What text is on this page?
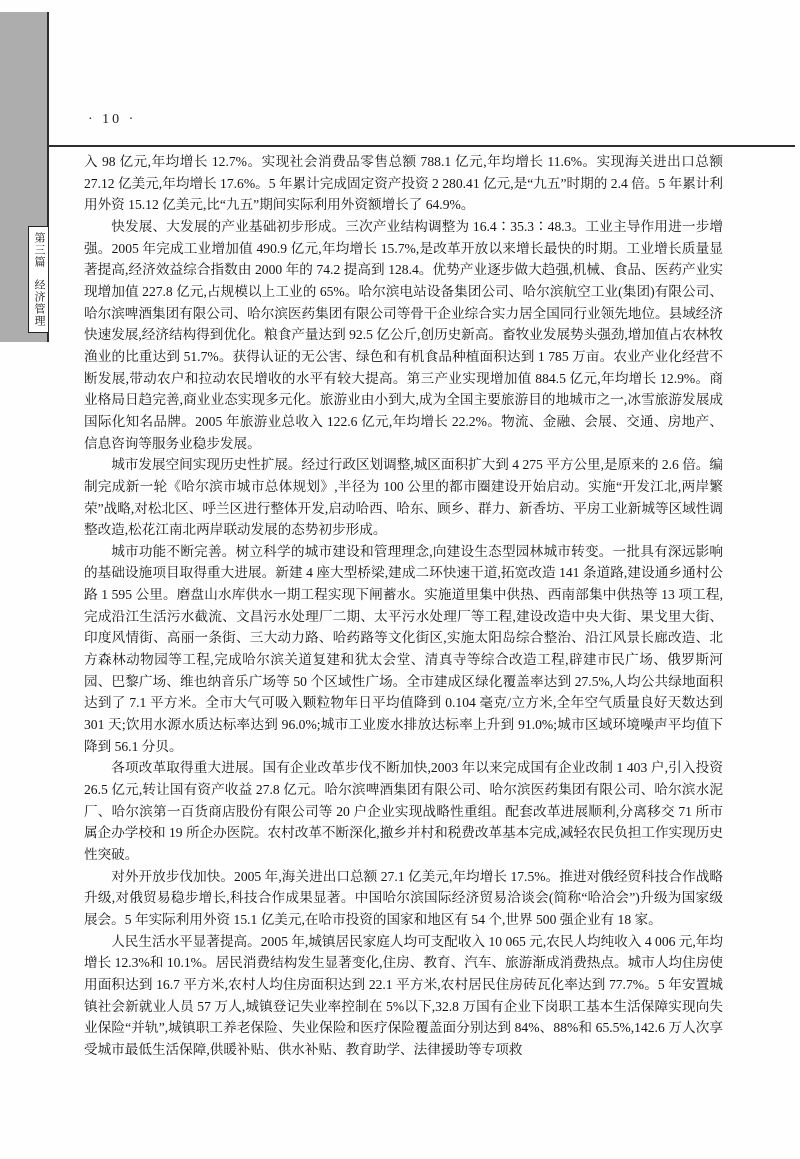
第三篇
经济管理
· 10 ·

入 98 亿元,年均增长 12.7%。实现社会消费品零售总额 788.1 亿元,年均增长 11.6%。实现海关进出口总额 27.12 亿美元,年均增长 17.6%。5 年累计完成固定资产投资 2 280.41 亿元,是“九五”时期的 2.4 倍。5 年累计利用外资 15.12 亿美元,比“九五”期间实际利用外资额增长了 64.9%。

快发展、大发展的产业基础初步形成。三次产业结构调整为 16.4∶35.3∶48.3。工业主导作用进一步增强。2005 年完成工业增加值 490.9 亿元,年均增长 15.7%,是改革开放以来增长最快的时期。工业增长质量显著提高,经济效益综合指数由 2000 年的 74.2 提高到 128.4。优势产业逐步做大趋强,机械、食品、医药产业实现增加值 227.8 亿元,占规模以上工业的 65%。哈尔滨电站设备集团公司、哈尔滨航空工业(集团)有限公司、哈尔滨啤酒集团有限公司、哈尔滨医药集团有限公司等骨干企业综合实力居全国同行业领先地位。县域经济快速发展,经济结构得到优化。粮食产量达到 92.5 亿公斤,创历史新高。畜牧业发展势头强劲,增加值占农林牧渔业的比重达到 51.7%。获得认证的无公害、绿色和有机食品种植面积达到 1 785 万亩。农业产业化经营不断发展,带动农户和拉动农民增收的水平有较大提高。第三产业实现增加值 884.5 亿元,年均增长 12.9%。商业格局日趋完善,商业业态实现多元化。旅游业由小到大,成为全国主要旅游目的地城市之一,冰雪旅游发展成国际化知名品牌。2005 年旅游业总收入 122.6 亿元,年均增长 22.2%。物流、金融、会展、交通、房地产、信息咨询等服务业稳步发展。

城市发展空间实现历史性扩展。经过行政区划调整,城区面积扩大到 4 275 平方公里,是原来的 2.6 倍。编制完成新一轮《哈尔滨市城市总体规划》,半径为 100 公里的都市圈建设开始启动。实施“开发江北,两岸繁荣”战略,对松北区、呼兰区进行整体开发,启动哈西、哈东、顾乡、群力、新香坊、平房工业新城等区域性调整改造,松花江南北两岸联动发展的态势初步形成。

城市功能不断完善。树立科学的城市建设和管理理念,向建设生态型园林城市转变。一批具有深远影响的基础设施项目取得重大进展。新建 4 座大型桥梁,建成二环快速干道,拓宽改造 141 条道路,建设通乡通村公路 1 595 公里。磨盘山水库供水一期工程实现下闸蓄水。实施道里集中供热、西南部集中供热等 13 项工程,完成沿江生活污水截流、文昌污水处理厂二期、太平污水处理厂等工程,建设改造中央大街、果戈里大街、印度风情街、高丽一条街、三大动力路、哈药路等文化街区,实施太阳岛综合整治、沿江风景长廊改造、北方森林动物园等工程,完成哈尔滨关道复建和犹太会堂、清真寺等综合改造工程,辟建市民广场、俄罗斯河园、巴黎广场、维也纳音乐广场等 50 个区域性广场。全市建成区绿化覆盖率达到 27.5%,人均公共绿地面积达到了 7.1 平方米。全市大气可吸入颗粒物年日平均值降到 0.104 毫克/立方米,全年空气质量良好天数达到 301 天;饮用水源水质达标率达到 96.0%;城市工业废水排放达标率上升到 91.0%;城市区域环境噪声平均值下降到 56.1 分贝。

各项改革取得重大进展。国有企业改革步伐不断加快,2003 年以来完成国有企业改制 1 403 户,引入投资 26.5 亿元,转让国有资产收益 27.8 亿元。哈尔滨啤酒集团有限公司、哈尔滨医药集团有限公司、哈尔滨水泥厂、哈尔滨第一百货商店股份有限公司等 20 户企业实现战略性重组。配套改革进展顺利,分离移交 71 所市属企办学校和 19 所企办医院。农村改革不断深化,撤乡并村和税费改革基本完成,减轻农民负担工作实现历史性突破。

对外开放步伐加快。2005 年,海关进出口总额 27.1 亿美元,年均增长 17.5%。推进对俄经贸科技合作战略升级,对俄贸易稳步增长,科技合作成果显著。中国哈尔滨国际经济贸易洽谈会(简称“哈洽会”)升级为国家级展会。5 年实际利用外资 15.1 亿美元,在哈市投资的国家和地区有 54 个,世界 500 强企业有 18 家。

人民生活水平显著提高。2005 年,城镇居民家庭人均可支配收入 10 065 元,农民人均纯收入 4 006 元,年均增长 12.3%和 10.1%。居民消费结构发生显著变化,住房、教育、汽车、旅游渐成消费热点。城市人均住房使用面积达到 16.7 平方米,农村人均住房面积达到 22.1 平方米,农村居民住房砖瓦化率达到 77.7%。5 年安置城镇社会新就业人员 57 万人,城镇登记失业率控制在 5%以下,32.8 万国有企业下岗职工基本生活保障实现向失业保险“并轨”,城镇职工养老保险、失业保险和医疗保险覆盖面分别达到 84%、88%和 65.5%,142.6 万人次享受城市最低生活保障,供暖补贴、供水补贴、教育助学、法律援助等专项救
